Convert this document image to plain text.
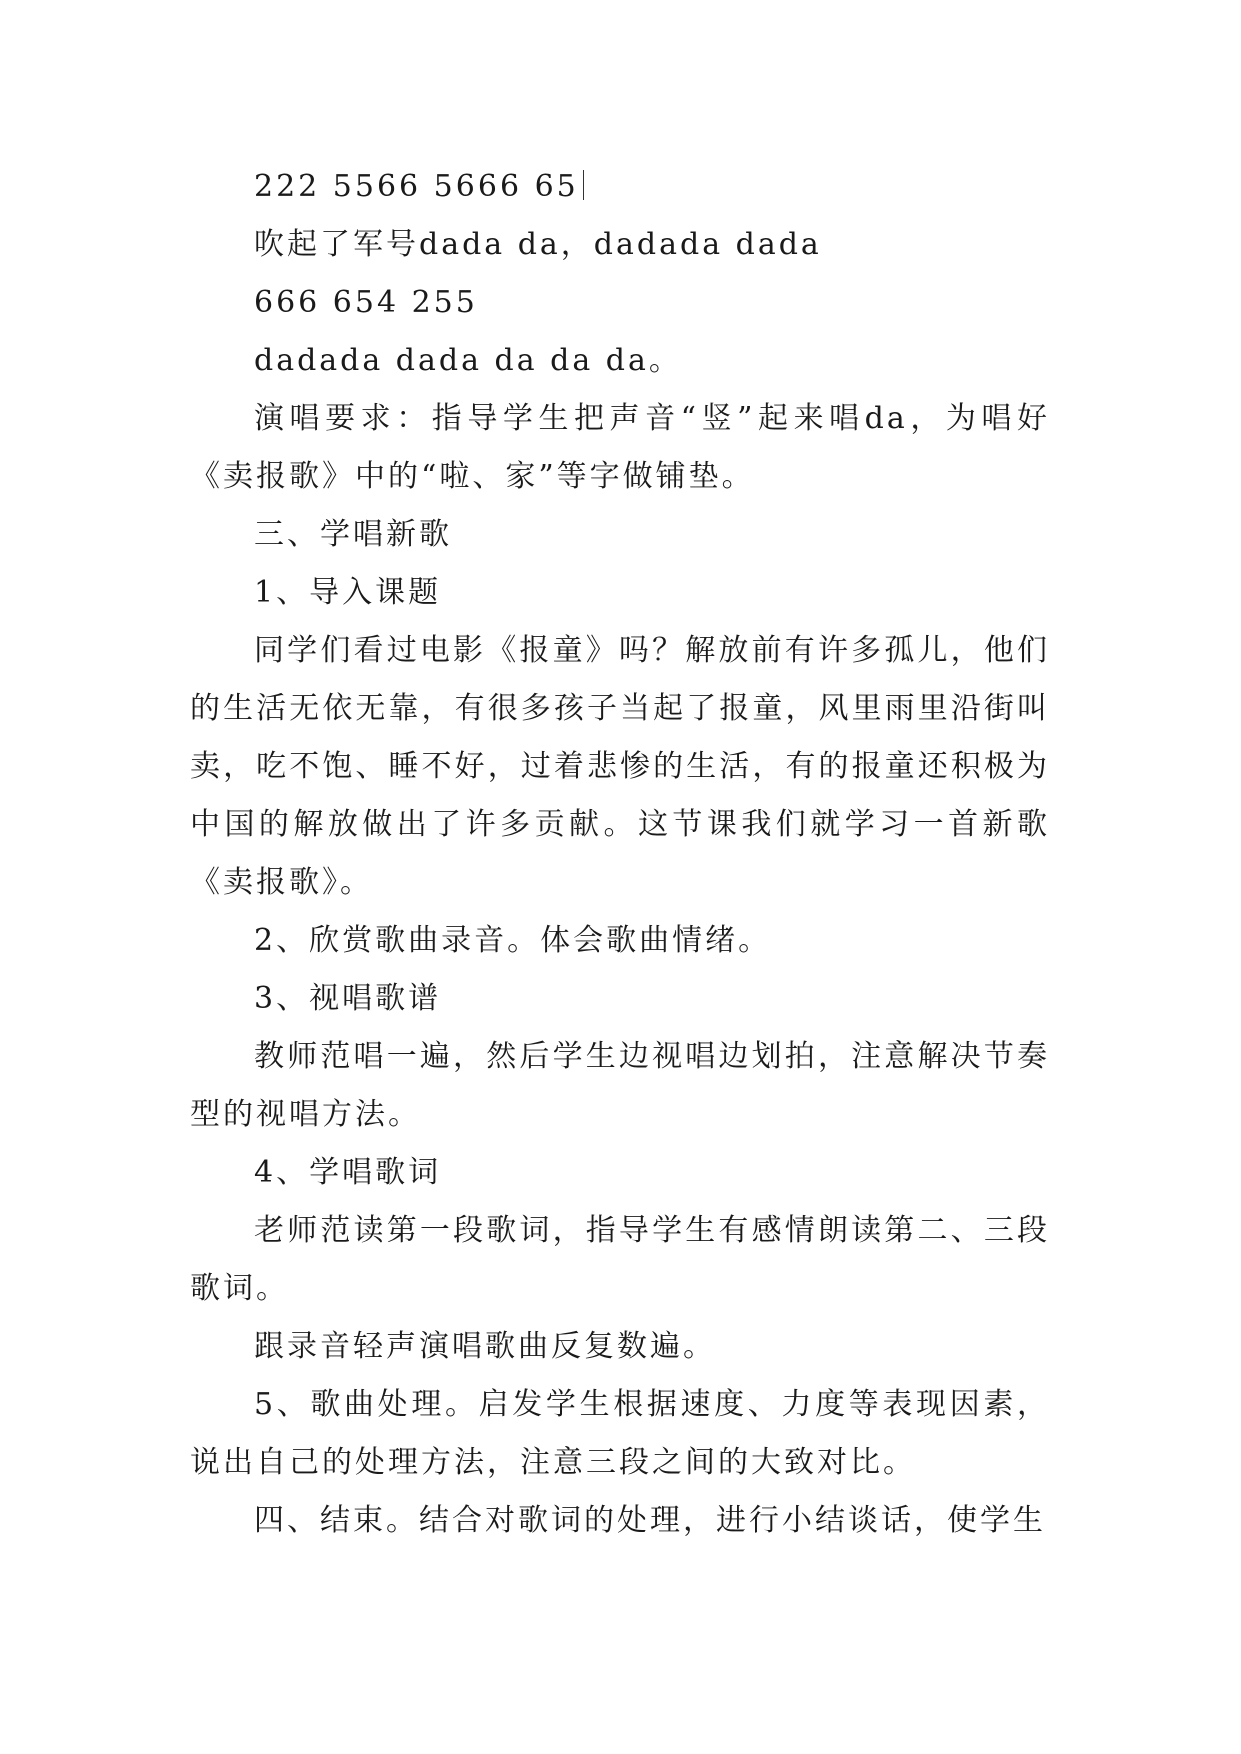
222 5566 5666 65

吹起了军号dada da，dadada dada

666 654 255

dadada dada da da da。

演唱要求：指导学生把声音“竖”起来唱da，为唱好《卖报歌》中的“啦、家”等字做铺垫。

三、学唱新歌

1、导入课题

同学们看过电影《报童》吗？解放前有许多孤儿，他们的生活无依无靠，有很多孩子当起了报童，风里雨里沿街叫卖，吃不饱、睡不好，过着悲惨的生活，有的报童还积极为中国的解放做出了许多贡献。这节课我们就学习一首新歌《卖报歌》。

2、欣赏歌曲录音。体会歌曲情绪。

3、视唱歌谱

教师范唱一遍，然后学生边视唱边划拍，注意解决节奏型的视唱方法。

4、学唱歌词

老师范读第一段歌词，指导学生有感情朗读第二、三段歌词。

跟录音轻声演唱歌曲反复数遍。

5、歌曲处理。启发学生根据速度、力度等表现因素，说出自己的处理方法，注意三段之间的大致对比。

四、结束。结合对歌词的处理，进行小结谈话，使学生
